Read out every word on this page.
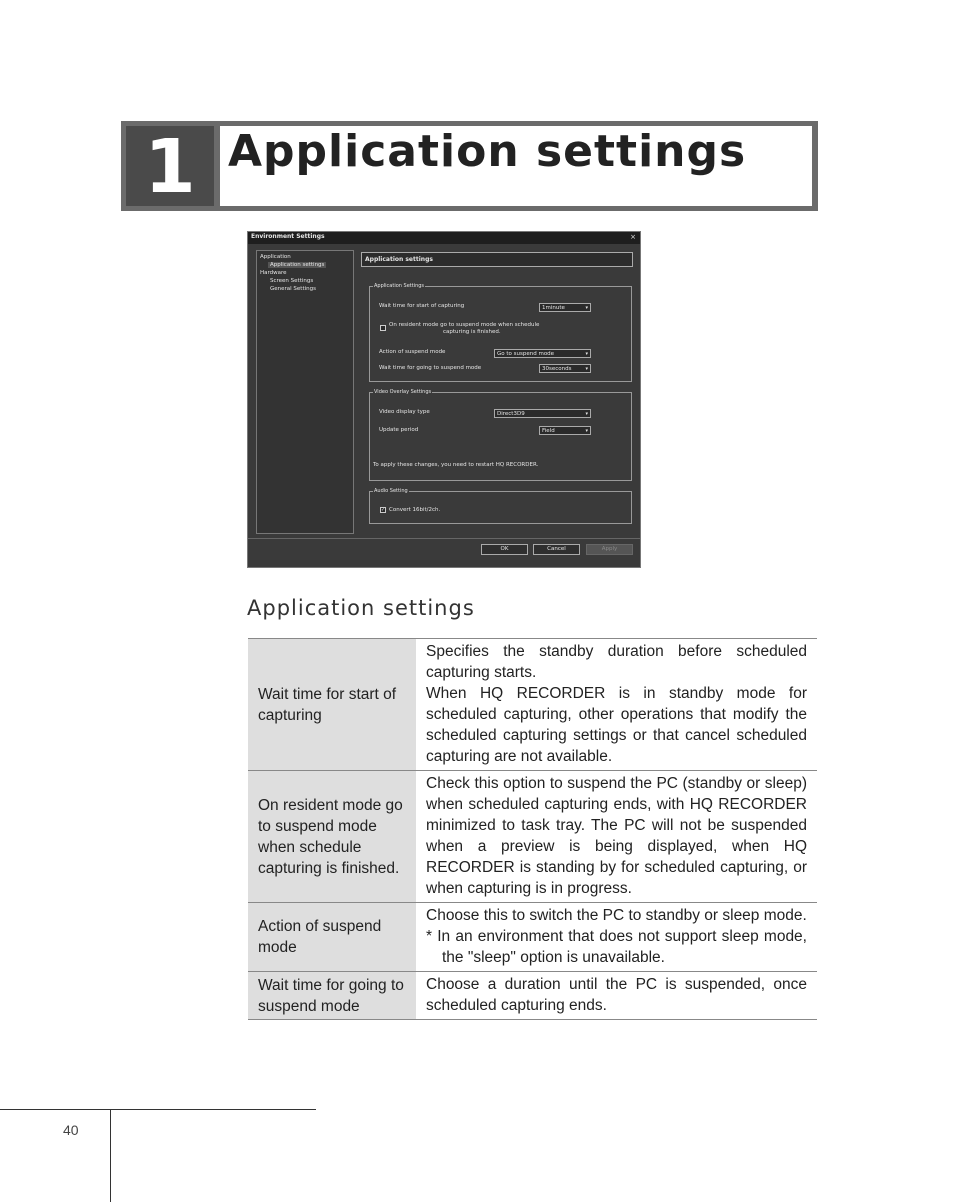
1 Application settings
Environment Settings	×
Application
Application settings
Hardware
Screen Settings
General Settings
Application settings
Application Settings
Wait time for start of capturing	1minute	▾
On resident mode go to suspend mode when schedule
capturing is finished.
Action of suspend mode	Go to suspend mode	▾
Wait time for going to suspend mode	30seconds	▾
Video Overlay Settings
Video display type	Direct3D9	▾
Update period	Field	▾
To apply these changes, you need to restart HQ RECORDER.
Audio Setting
✓ Convert 16bit/2ch.
OK	Cancel	Apply
Application settings
Wait time for start of capturing	Specifies the standby duration before scheduled capturing starts.
When HQ RECORDER is in standby mode for scheduled capturing, other operations that modify the scheduled capturing settings or that cancel scheduled capturing are not available.

On resident mode go to suspend mode when schedule capturing is finished.	Check this option to suspend the PC (standby or sleep) when scheduled capturing ends, with HQ RECORDER minimized to task tray. The PC will not be suspended when a preview is being displayed, when HQ RECORDER is standing by for scheduled capturing, or when capturing is in progress.

Action of suspend mode	Choose this to switch the PC to standby or sleep mode.
* In an environment that does not support sleep mode, the "sleep" option is unavailable.

Wait time for going to suspend mode	Choose a duration until the PC is suspended, once scheduled capturing ends.
40
